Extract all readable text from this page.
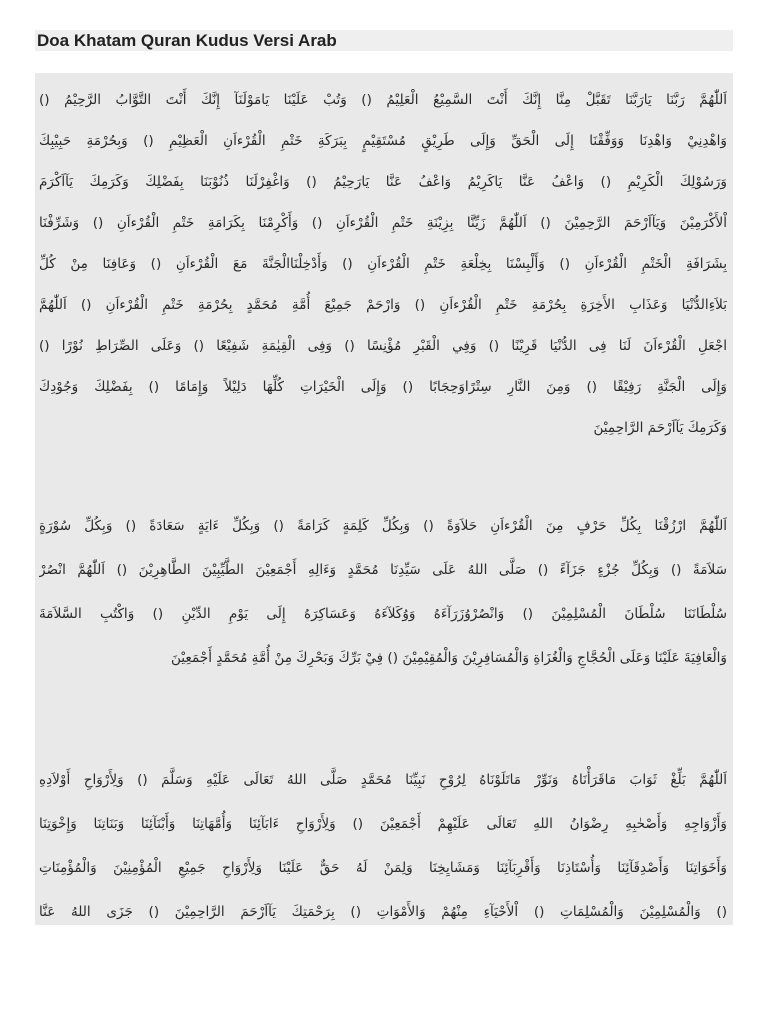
Doa Khatam Quran Kudus Versi Arab
اَللّٰهُمَّ رَبَّنَا يَارَبَّنَا تَقَبَّلْ مِنَّا إِنَّكَ أَنْتَ السَّمِيْعُ الْعَلِيْمُ () وَتُبْ عَلَيْنَا يَامَوْلَنَآ إِنَّكَ أَنْتَ التَّوَّابُ الرَّحِيْمُ ()
وَاهْدِنِيْ وَاهْدِنَا وَوَفِّقْنَا إِلَى الْحَقِّ وَإِلَى طَرِيْقٍ مُسْتَقِيْمٍ بِبَرَكَةِ خَتْمِ الْقُرْءاَنِ الْعَظِيْمِ () وَبِحُرْمَةِ حَبِيْبِكَ
وَرَسُوْلِكَ الْكَرِيْمِ () وَاعْفُ عَنَّا يَاكَرِيْمُ وَاعْفُ عَنَّا يَارَحِيْمُ () وَاغْفِرْلَنَا ذُنُوْبَنَا بِفَضْلِكَ وَكَرَمِكَ يَآاَكْرَمَ
اْلأَكْرَمِيْنَ وَيَآاَرْحَمَ الرَّحِمِيْنَ () اَللّٰهُمَّ زَيِّنَّا بِزِيْنَةِ خَتْمِ الْقُرْءاَنِ () وَأَكْرِمْنَا بِكَرَامَةِ خَتْمِ الْقُرْءاَنِ () وَشَرِّفْنَا
بِشَرَافَةِ الْخَتْمِ الْقُرْءاَنِ () وَأَلْبِسْنَا بِخِلْعَةِ خَتْمِ الْقُرْءاَنِ () وَأَدْخِلْنَاالْجَنَّةَ مَعَ الْقُرْءاَنِ () وَعَافِنَا مِنْ كُلِّ
بَلاَءِالدُّنْيَا وَعَذَابِ الأَخِرَةِ بِحُرْمَةِ خَتْمِ الْقُرْءاَنِ () وَارْحَمْ جَمِيْعَ أُمَّةِ مُحَمَّدٍ بِحُرْمَةِ خَتْمِ الْقُرْءاَنِ () اَللّٰهُمَّ
اجْعَلِ الْقُرْءاَنَ لَنَا فِى الدُّنْيَا قَرِيْنًا () وَفِي الْقَبْرِ مُؤْنِسًا () وَفِى الْقِيٰمَةِ شَفِيْعًا () وَعَلَى الصِّرَاطِ نُوْرًا ()
وَإِلَى الْجَنَّةِ رَفِيْقًا () وَمِنَ النَّارِ سِتْرًاوَحِجَابًا () وَإِلَى الْخَيْرَاتِ كُلِّهَا دَلِيْلاً وَإِمَامًا () بِفَضْلِكَ وَجُوْدِكَ
وَكَرَمِكَ يَآاَرْحَمَ الرَّاحِمِيْنَ
اَللّٰهُمَّ ارْزُقْنَا بِكُلِّ حَرْفٍ مِنَ الْقُرْءاَنِ حَلاَوَةً () وَبِكُلِّ كَلِمَةٍ كَرَامَةً () وَبِكُلِّ ءَايَةٍ سَعَادَةً () وَبِكُلِّ سُوْرَةٍ
سَلاَمَةً () وَبِكُلِّ جُزْءٍ جَزَآءً () صَلَّى اللهُ عَلَى سَيِّدِنَا مُحَمَّدٍ وَءَالِهِ أَجْمَعِيْنَ الطَّيِّبِيْنَ الطَّاهِرِيْنَ () اَللّٰهُمَّ انْصُرْ
سُلْطَانَنَا سُلْطَانَ الْمُسْلِمِيْنَ () وَانْصُرْوُزَرَآءَهُ وَوُكَلآءَهُ وَعَسَاكِرَهُ إِلَى يَوْمِ الدِّيْنِ () وَاكْتُبِ السَّلاَمَةَ
وَالْعَافِيَةَ عَلَيْنَا وَعَلَى الْحُجَّاجِ وَالْغُزَاةِ وَالْمُسَافِرِيْنَ وَالْمُقِيْمِيْنَ () فِيْ بَرِّكَ وَبَحْرِكَ مِنْ أُمَّةِ مُحَمَّدٍ أَجْمَعِيْنَ
اَللّٰهُمَّ بَلِّغْ ثَوَابَ مَاقَرَأْنَاهُ وَنَوِّرْ مَاتَلَوْنَاهُ لِرُوْحِ نَبِيِّنَا مُحَمَّدٍ صَلَّى اللهُ تَعَالَى عَلَيْهِ وَسَلَّمَ () وَلِأَرْوَاحِ أَوْلاَدِهِ
وَأَزْوَاجِهِ وَأَصْحٰبِهِ رِضْوَانُ اللهِ تَعَالَى عَلَيْهِمْ أَجْمَعِيْنَ () وَلِأَرْوَاحِ ءَابَآئِنَا وَأُمَّهَاتِنَا وَأَبْنَآئِنَا وَبَنَاتِنَا وَإِخْوَتِنَا
وَأَخَوَاتِنَا وَأَصْدِقَآئِنَا وَأُسْتَاذِنَا وَأَقْرِبَآئِنَا وَمَشَايِخِنَا وَلِمَنْ لَهُ حَقٌّ عَلَيْنَا وَلِأَرْوَاحِ جَمِيْعِ الْمُؤْمِنِيْنَ وَالْمُؤْمِنَاتِ
() وَالْمُسْلِمِيْنَ وَالْمُسْلِمَاتِ () اْلأَحْيَآءِ مِنْهُمْ وَالأَمْوَاتِ () بِرَحْمَتِكَ يَآاَرْحَمَ الرَّاحِمِيْنَ () جَزَى اللهُ عَنَّا
